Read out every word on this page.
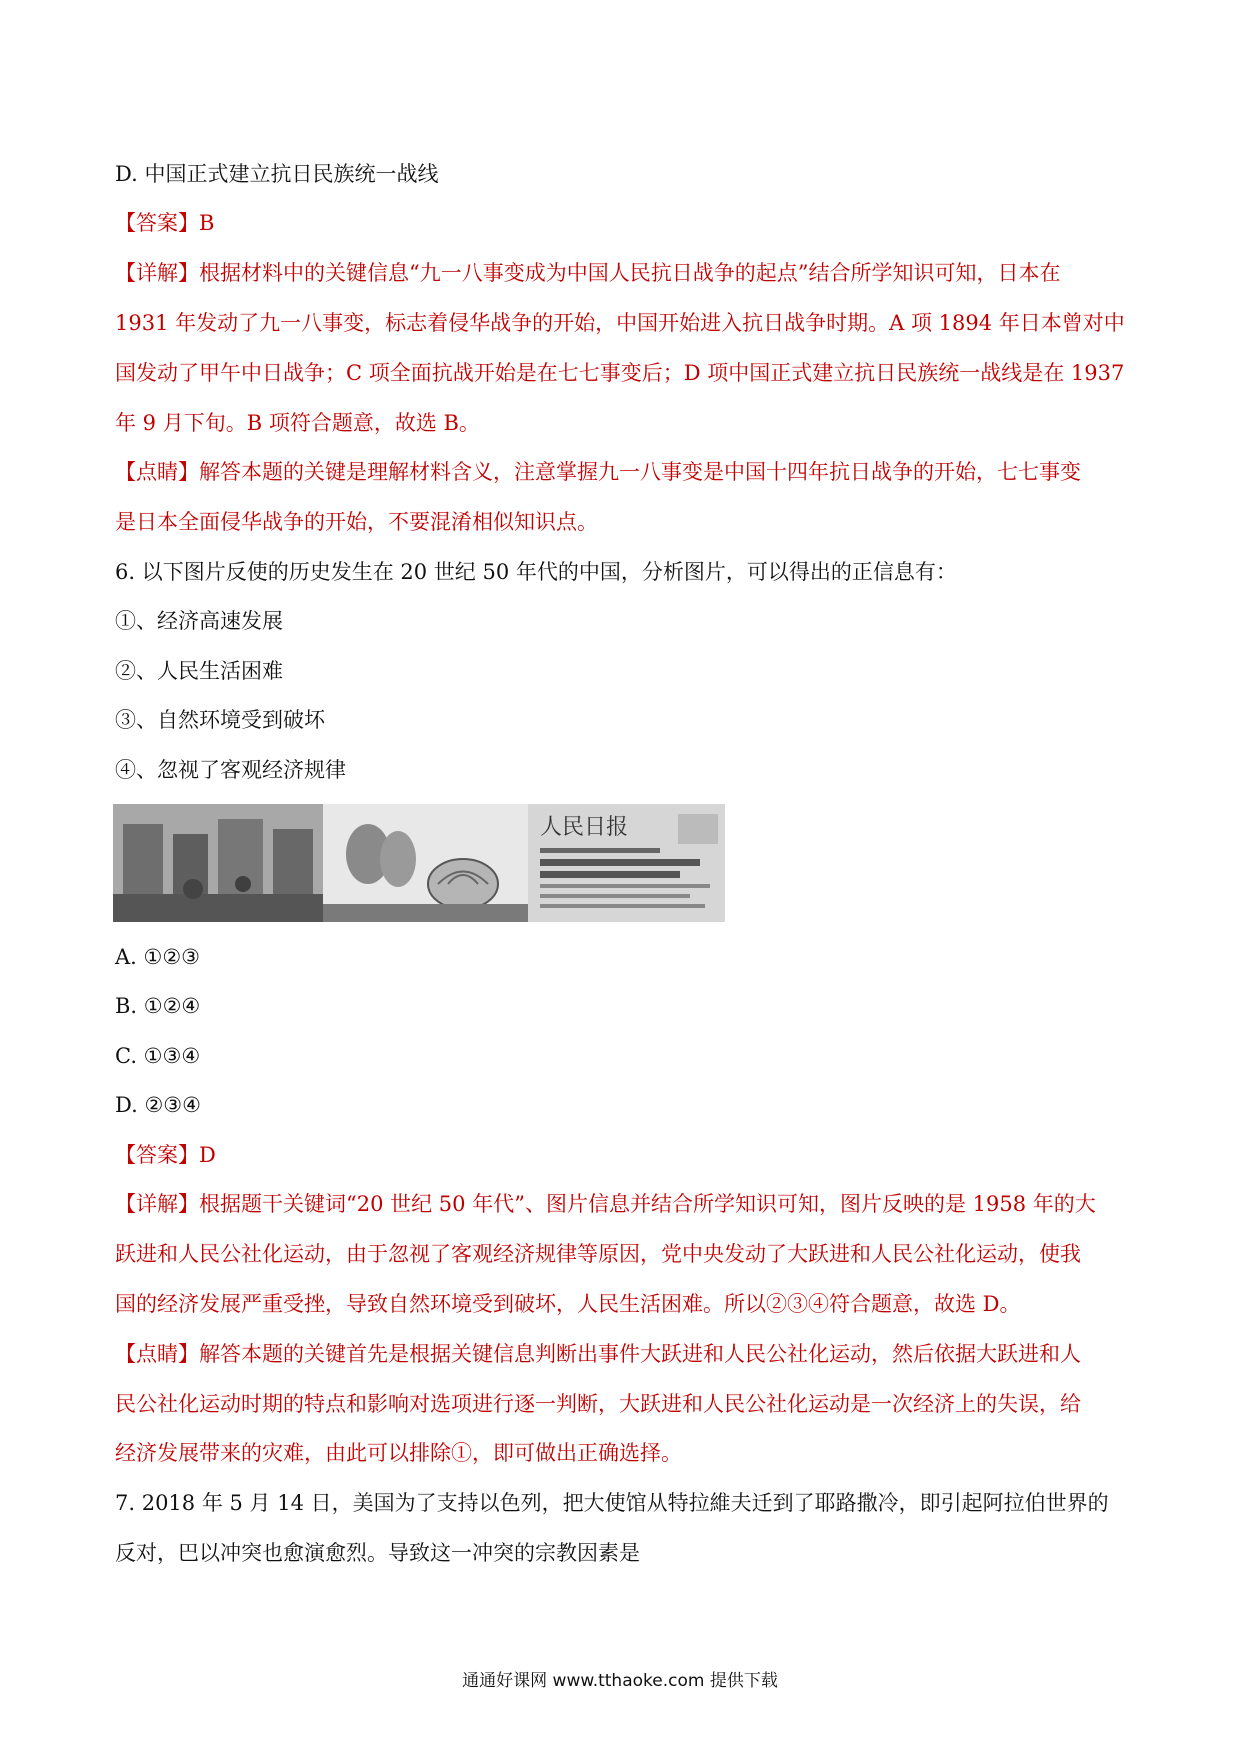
D. 中国正式建立抗日民族统一战线
【答案】B
【详解】根据材料中的关键信息“九一八事变成为中国人民抗日战争的起点”结合所学知识可知，日本在
1931 年发动了九一八事变，标志着侵华战争的开始，中国开始进入抗日战争时期。A 项 1894 年日本曾对中
国发动了甲午中日战争；C 项全面抗战开始是在七七事变后；D 项中国正式建立抗日民族统一战线是在 1937
年 9 月下旬。B 项符合题意，故选 B。
【点睛】解答本题的关键是理解材料含义，注意掌握九一八事变是中国十四年抗日战争的开始，七七事变
是日本全面侵华战争的开始，不要混淆相似知识点。
6. 以下图片反使的历史发生在 20 世纪 50 年代的中国，分析图片，可以得出的正信息有：
①、经济高速发展
②、人民生活困难
③、自然环境受到破坏
④、忽视了客观经济规律
人民日报
A. ①②③
B. ①②④
C. ①③④
D. ②③④
【答案】D
【详解】根据题干关键词“20 世纪 50 年代”、图片信息并结合所学知识可知，图片反映的是 1958 年的大
跃进和人民公社化运动，由于忽视了客观经济规律等原因，党中央发动了大跃进和人民公社化运动，使我
国的经济发展严重受挫，导致自然环境受到破坏，人民生活困难。所以②③④符合题意，故选 D。
【点睛】解答本题的关键首先是根据关键信息判断出事件大跃进和人民公社化运动，然后依据大跃进和人
民公社化运动时期的特点和影响对选项进行逐一判断，大跃进和人民公社化运动是一次经济上的失误，给
经济发展带来的灾难，由此可以排除①，即可做出正确选择。
7. 2018 年 5 月 14 日，美国为了支持以色列，把大使馆从特拉維夫迁到了耶路撒冷，即引起阿拉伯世界的
反对，巴以冲突也愈演愈烈。导致这一冲突的宗教因素是
通通好课网 www.tthaoke.com 提供下载
